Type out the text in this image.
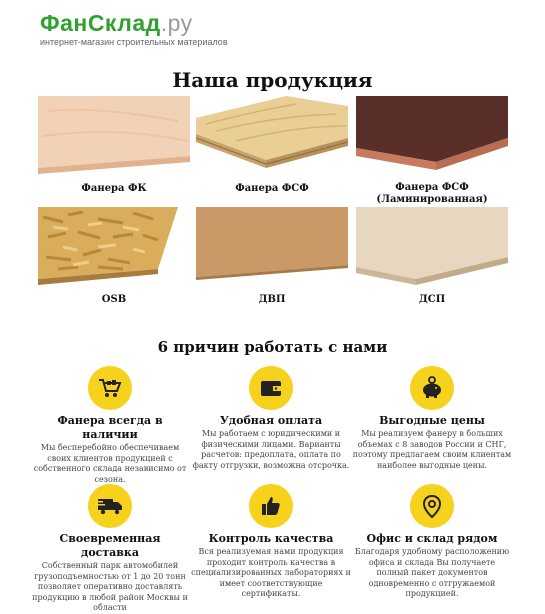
ФанСклад.ру
интернет-магазин строительных материалов
Наша продукция
Фанера ФК	Фанера ФСФ	Фанера ФСФ
(Ламинированная)
OSB	ДВП	ДСП
6 причин работать с нами
Фанера всегда в наличии
Мы бесперебойно обеспечиваем своих клиентов продукцией с собственного склада независимо от сезона.
Удобная оплата
Мы работаем с юридическими и физическими лицами. Варианты расчетов: предоплата, оплата по факту отгрузки, возможна отсрочка.
Выгодные цены
Мы реализуем фанеру в больших объемах с 8 заводов России и СНГ, поэтому предлагаем своим клиентам наиболее выгодные цены.
Своевременная доставка
Собственный парк автомобилей грузоподъемностью от 1 до 20 тонн позволяет оперативно доставлять продукцию в любой район Москвы и области
Контроль качества
Вся реализуемая нами продукция проходит контроль качества в специализированных лабораториях и имеет соответствующие сертификаты.
Офис и склад рядом
Благодаря удобному расположению офиса и склада Вы получаете полный пакет документов одновременно с отгружаемой продукцией.
